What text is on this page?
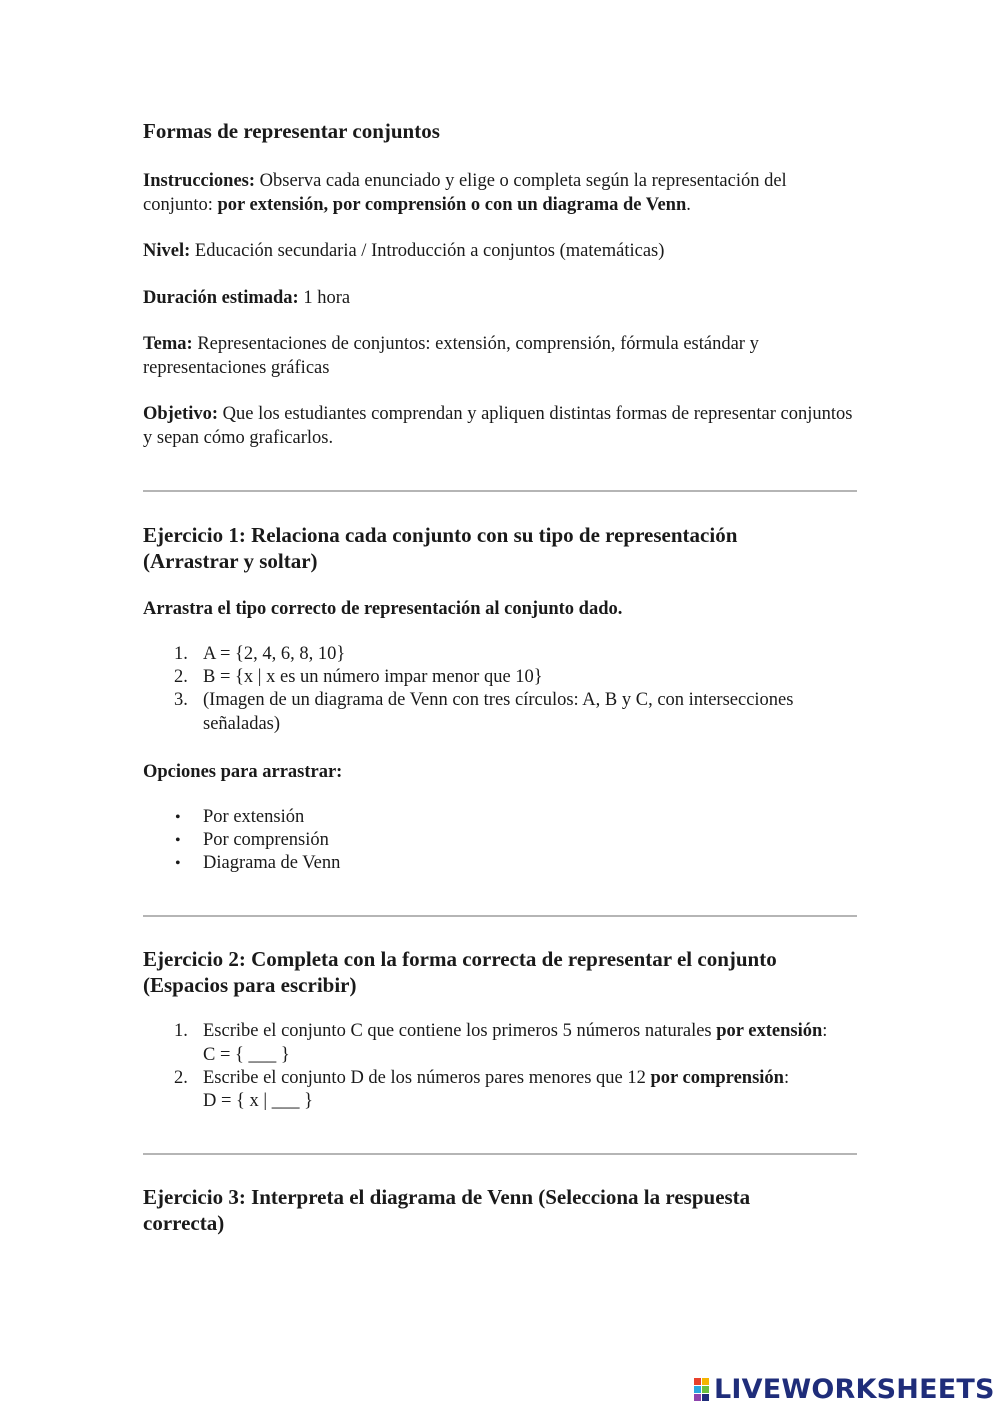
Formas de representar conjuntos

Instrucciones: Observa cada enunciado y elige o completa según la representación del conjunto: por extensión, por comprensión o con un diagrama de Venn.

Nivel: Educación secundaria / Introducción a conjuntos (matemáticas)

Duración estimada: 1 hora

Tema: Representaciones de conjuntos: extensión, comprensión, fórmula estándar y representaciones gráficas

Objetivo: Que los estudiantes comprendan y apliquen distintas formas de representar conjuntos y sepan cómo graficarlos.

Ejercicio 1: Relaciona cada conjunto con su tipo de representación
(Arrastrar y soltar)
Arrastra el tipo correcto de representación al conjunto dado.
1. A = {2, 4, 6, 8, 10}
2. B = {x | x es un número impar menor que 10}
3. (Imagen de un diagrama de Venn con tres círculos: A, B y C, con intersecciones señaladas)
Opciones para arrastrar:
• Por extensión
• Por comprensión
• Diagrama de Venn
Ejercicio 2: Completa con la forma correcta de representar el conjunto
(Espacios para escribir)
1. Escribe el conjunto C que contiene los primeros 5 números naturales por extensión:
C = { ___ }
2. Escribe el conjunto D de los números pares menores que 12 por comprensión:
D = { x | ___ }
Ejercicio 3: Interpreta el diagrama de Venn (Selecciona la respuesta
correcta)
LIVEWORKSHEETS
